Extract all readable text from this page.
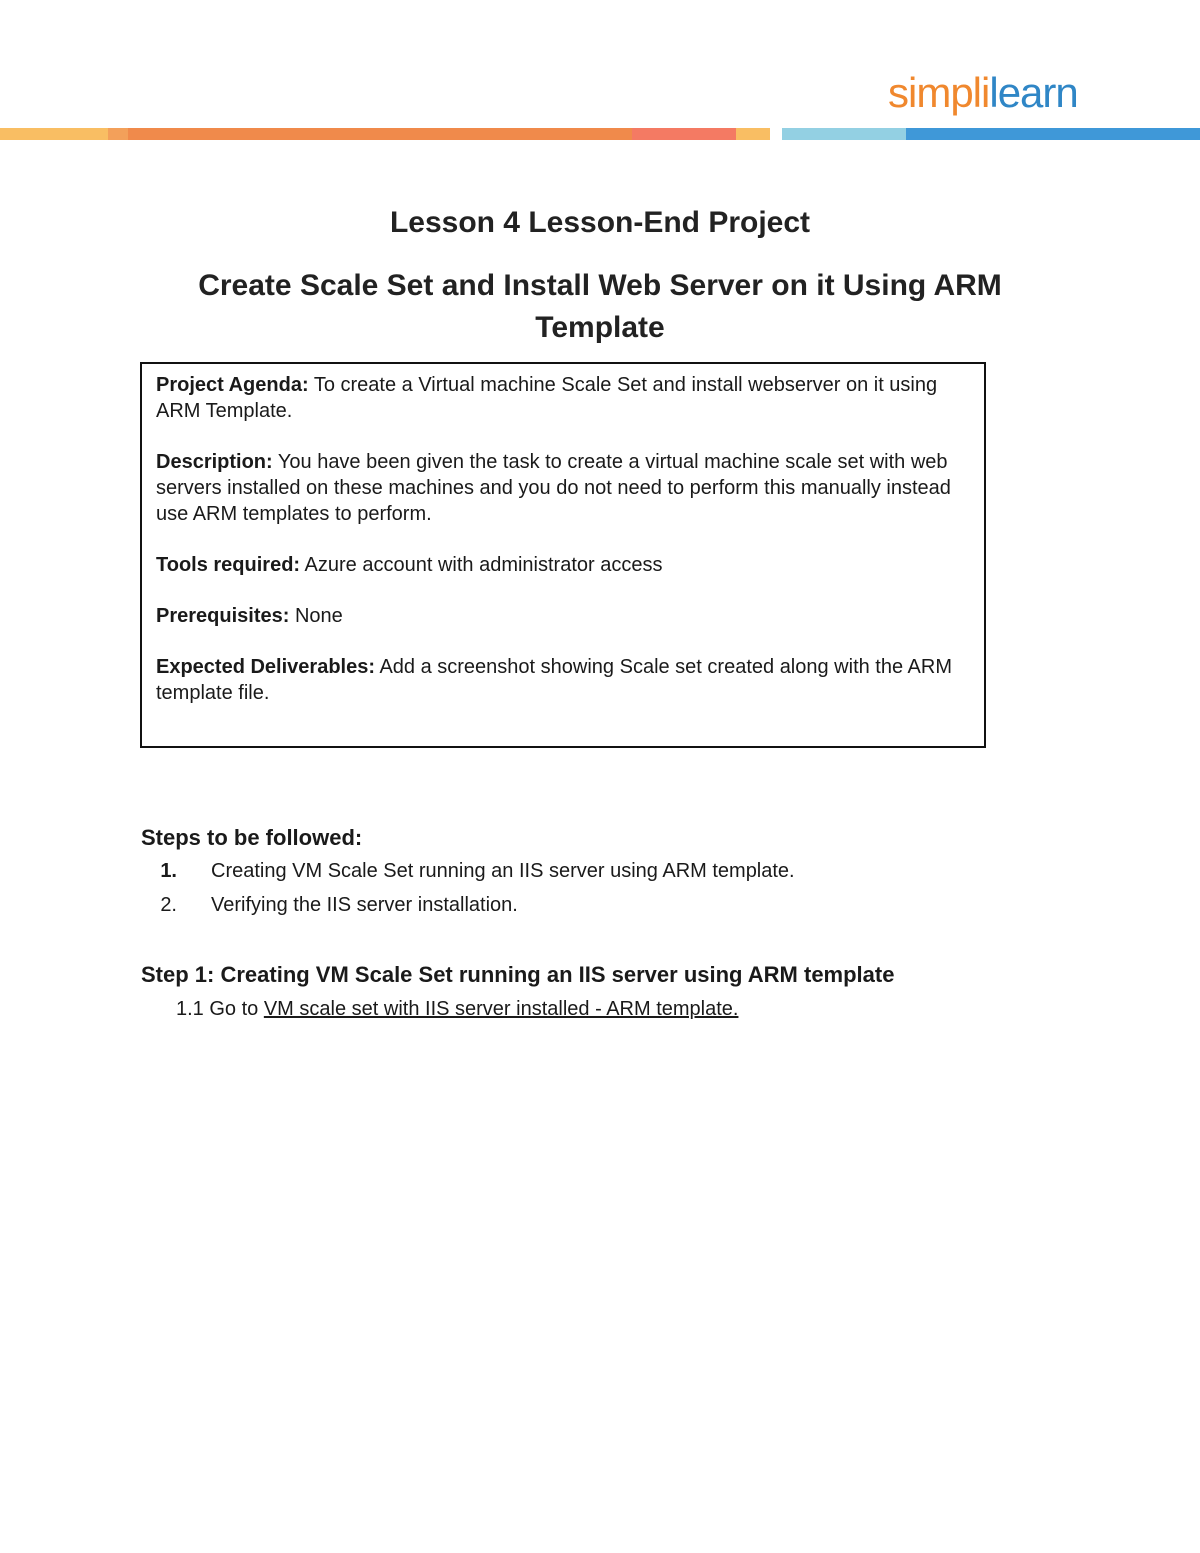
simplilearn
Lesson 4 Lesson-End Project
Create Scale Set and Install Web Server on it Using ARM Template

Project Agenda: To create a Virtual machine Scale Set and install webserver on it using ARM Template.

Description: You have been given the task to create a virtual machine scale set with web servers installed on these machines and you do not need to perform this manually instead use ARM templates to perform.

Tools required: Azure account with administrator access

Prerequisites: None

Expected Deliverables: Add a screenshot showing Scale set created along with the ARM template file.

Steps to be followed:
1.	Creating VM Scale Set running an IIS server using ARM template.
2.	Verifying the IIS server installation.
Step 1: Creating VM Scale Set running an IIS server using ARM template
1.1 Go to VM scale set with IIS server installed - ARM template.
